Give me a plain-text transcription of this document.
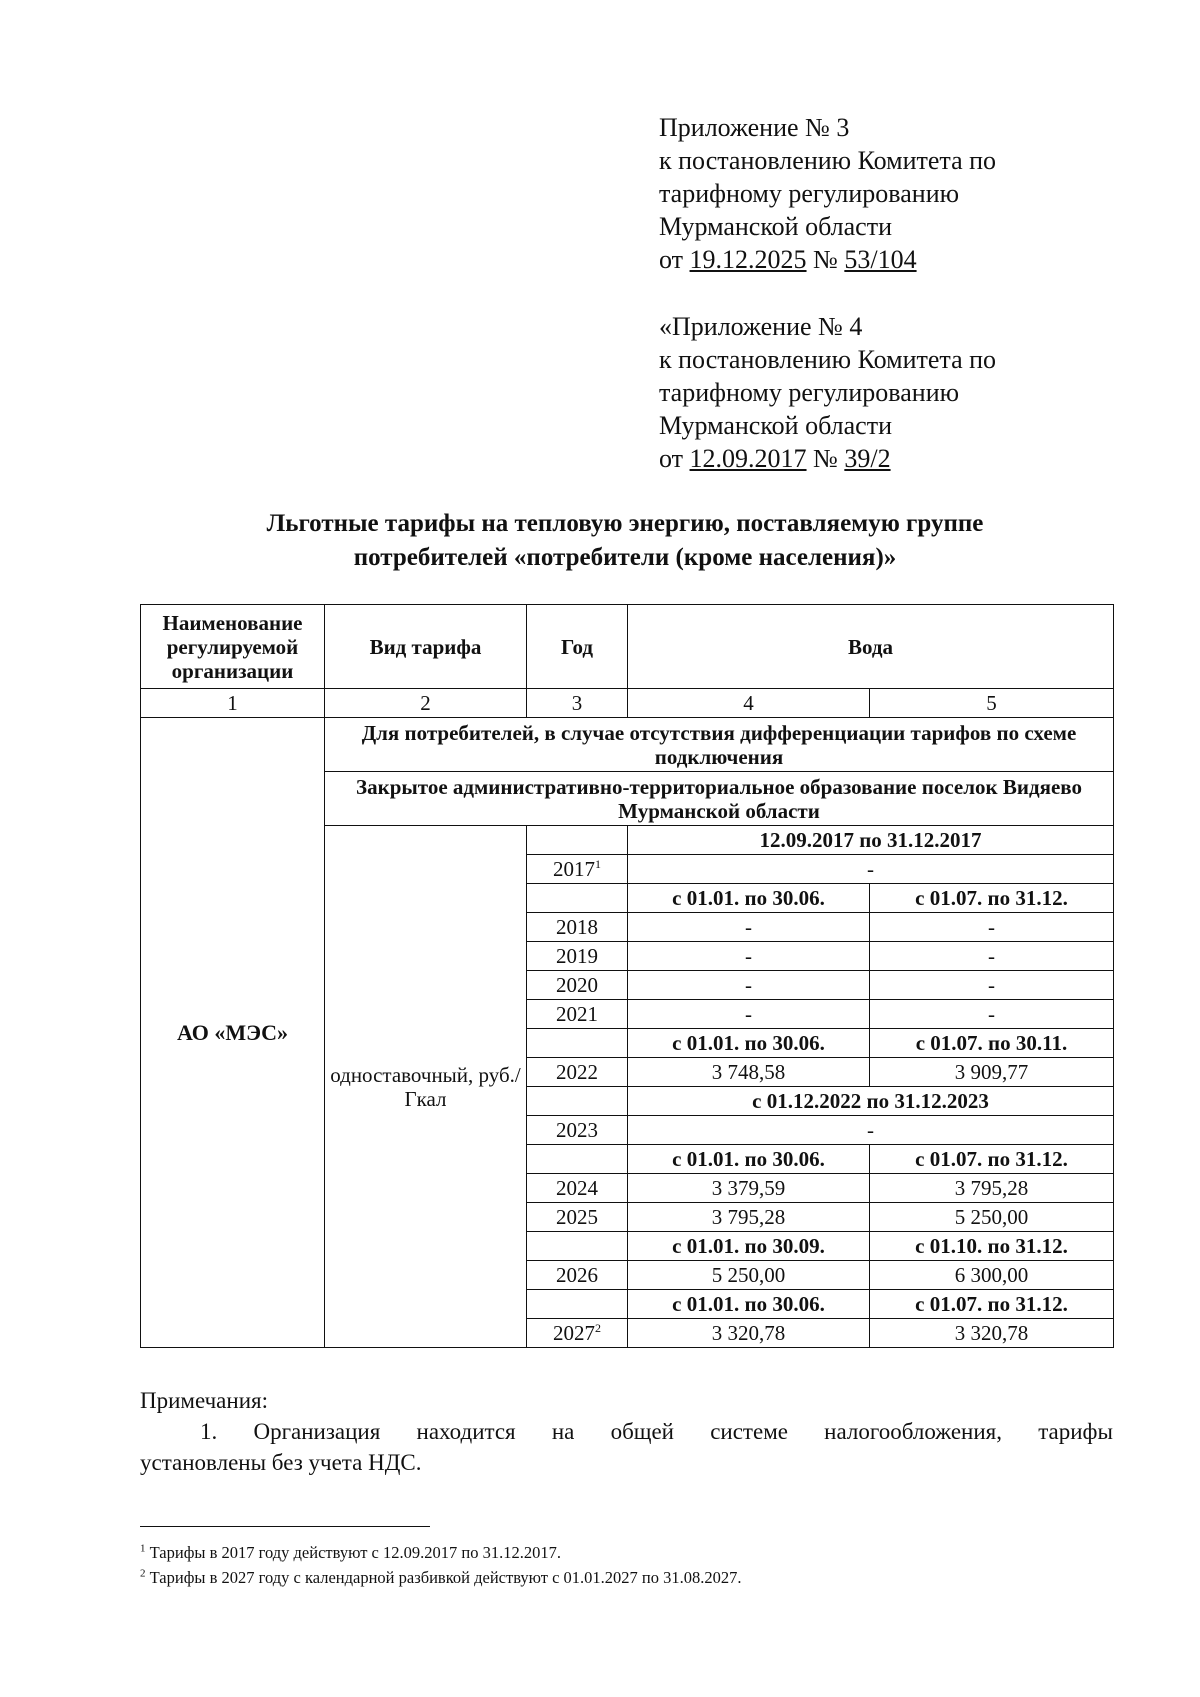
Приложение № 3
к постановлению Комитета по
тарифному регулированию
Мурманской области
от 19.12.2025 № 53/104
«Приложение № 4
к постановлению Комитета по
тарифному регулированию
Мурманской области
от 12.09.2017 № 39/2
Льготные тарифы на тепловую энергию, поставляемую группе
потребителей «потребители (кроме населения)»
Наименование регулируемой организации	Вид тарифа	Год	Вода	
1	2	3	4	5
АО «МЭС»	Для потребителей, в случае отсутствия дифференциации тарифов по схеме подключения			
	Закрытое административно-территориальное образование поселок Видяево Мурманской области			
	одноставочный, руб./Гкал		12.09.2017 по 31.12.2017	
		2017$^1$	-	
			с 01.01. по 30.06.	с 01.07. по 31.12.
		2018	-	-
		2019	-	-
		2020	-	-
		2021	-	-
			с 01.01. по 30.06.	с 01.07. по 30.11.
		2022	3 748,58	3 909,77
			с 01.12.2022 по 31.12.2023	
		2023	-	
			с 01.01. по 30.06.	с 01.07. по 31.12.
		2024	3 379,59	3 795,28
		2025	3 795,28	5 250,00
			с 01.01. по 30.09.	с 01.10. по 31.12.
		2026	5 250,00	6 300,00
			с 01.01. по 30.06.	с 01.07. по 31.12.
		2027$^2$	3 320,78	3 320,78
Примечания:
1. Организация находится на общей системе налогообложения, тарифы
установлены без учета НДС.
$^1$ Тарифы в 2017 году действуют с 12.09.2017 по 31.12.2017.
$^2$ Тарифы в 2027 году с календарной разбивкой действуют с 01.01.2027 по 31.08.2027.
